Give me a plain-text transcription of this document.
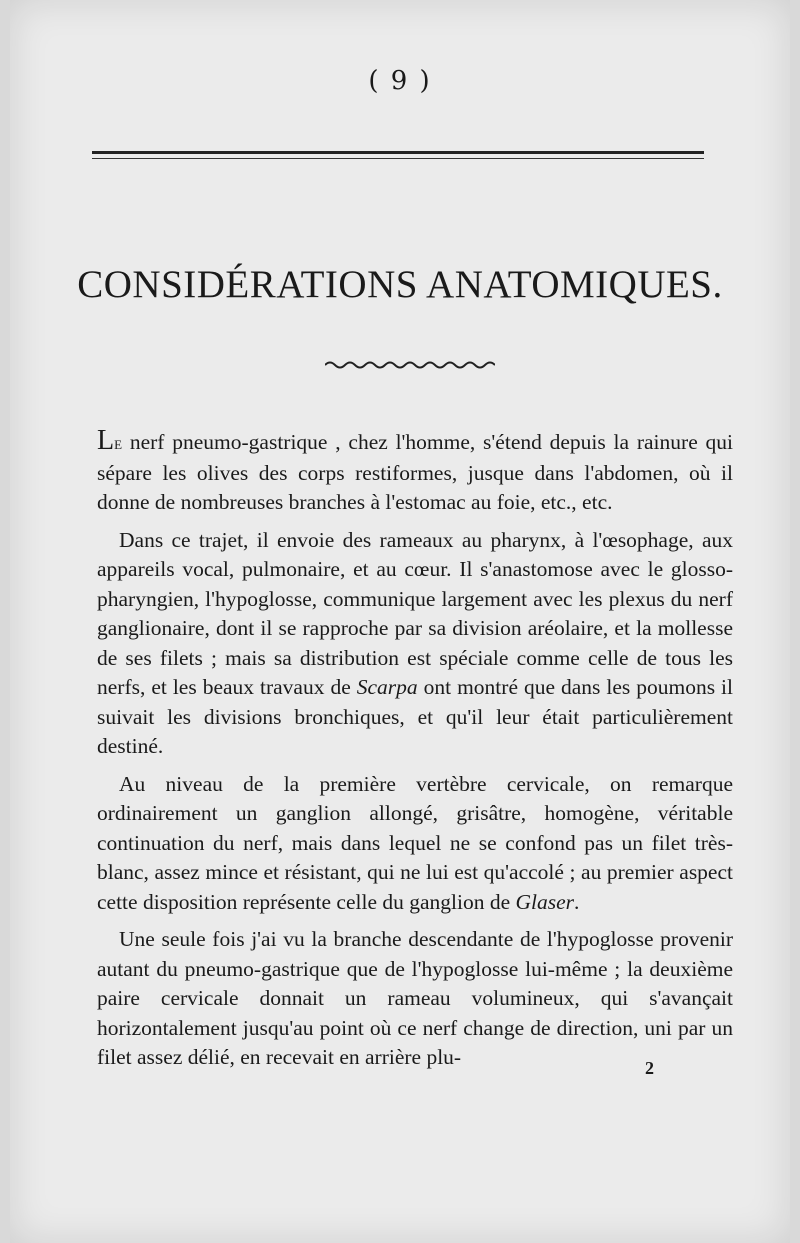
( 9 )
CONSIDÉRATIONS ANATOMIQUES.

Le nerf pneumo-gastrique , chez l'homme, s'étend depuis la rainure qui sépare les olives des corps restiformes, jusque dans l'abdomen, où il donne de nombreuses branches à l'estomac au foie, etc., etc.

Dans ce trajet, il envoie des rameaux au pharynx, à l'œsophage, aux appareils vocal, pulmonaire, et au cœur. Il s'anastomose avec le glosso-pharyngien, l'hypoglosse, communique largement avec les plexus du nerf ganglionaire, dont il se rapproche par sa division aréolaire, et la mollesse de ses filets ; mais sa distribution est spéciale comme celle de tous les nerfs, et les beaux travaux de Scarpa ont montré que dans les poumons il suivait les divisions bronchiques, et qu'il leur était particulièrement destiné.

Au niveau de la première vertèbre cervicale, on remarque ordinairement un ganglion allongé, grisâtre, homogène, véritable continuation du nerf, mais dans lequel ne se confond pas un filet très-blanc, assez mince et résistant, qui ne lui est qu'accolé ; au premier aspect cette disposition représente celle du ganglion de Glaser.

Une seule fois j'ai vu la branche descendante de l'hypoglosse provenir autant du pneumo-gastrique que de l'hypoglosse lui-même ; la deuxième paire cervicale donnait un rameau volumineux, qui s'avançait horizontalement jusqu'au point où ce nerf change de direction, uni par un filet assez délié, en recevait en arrière plu-	2
